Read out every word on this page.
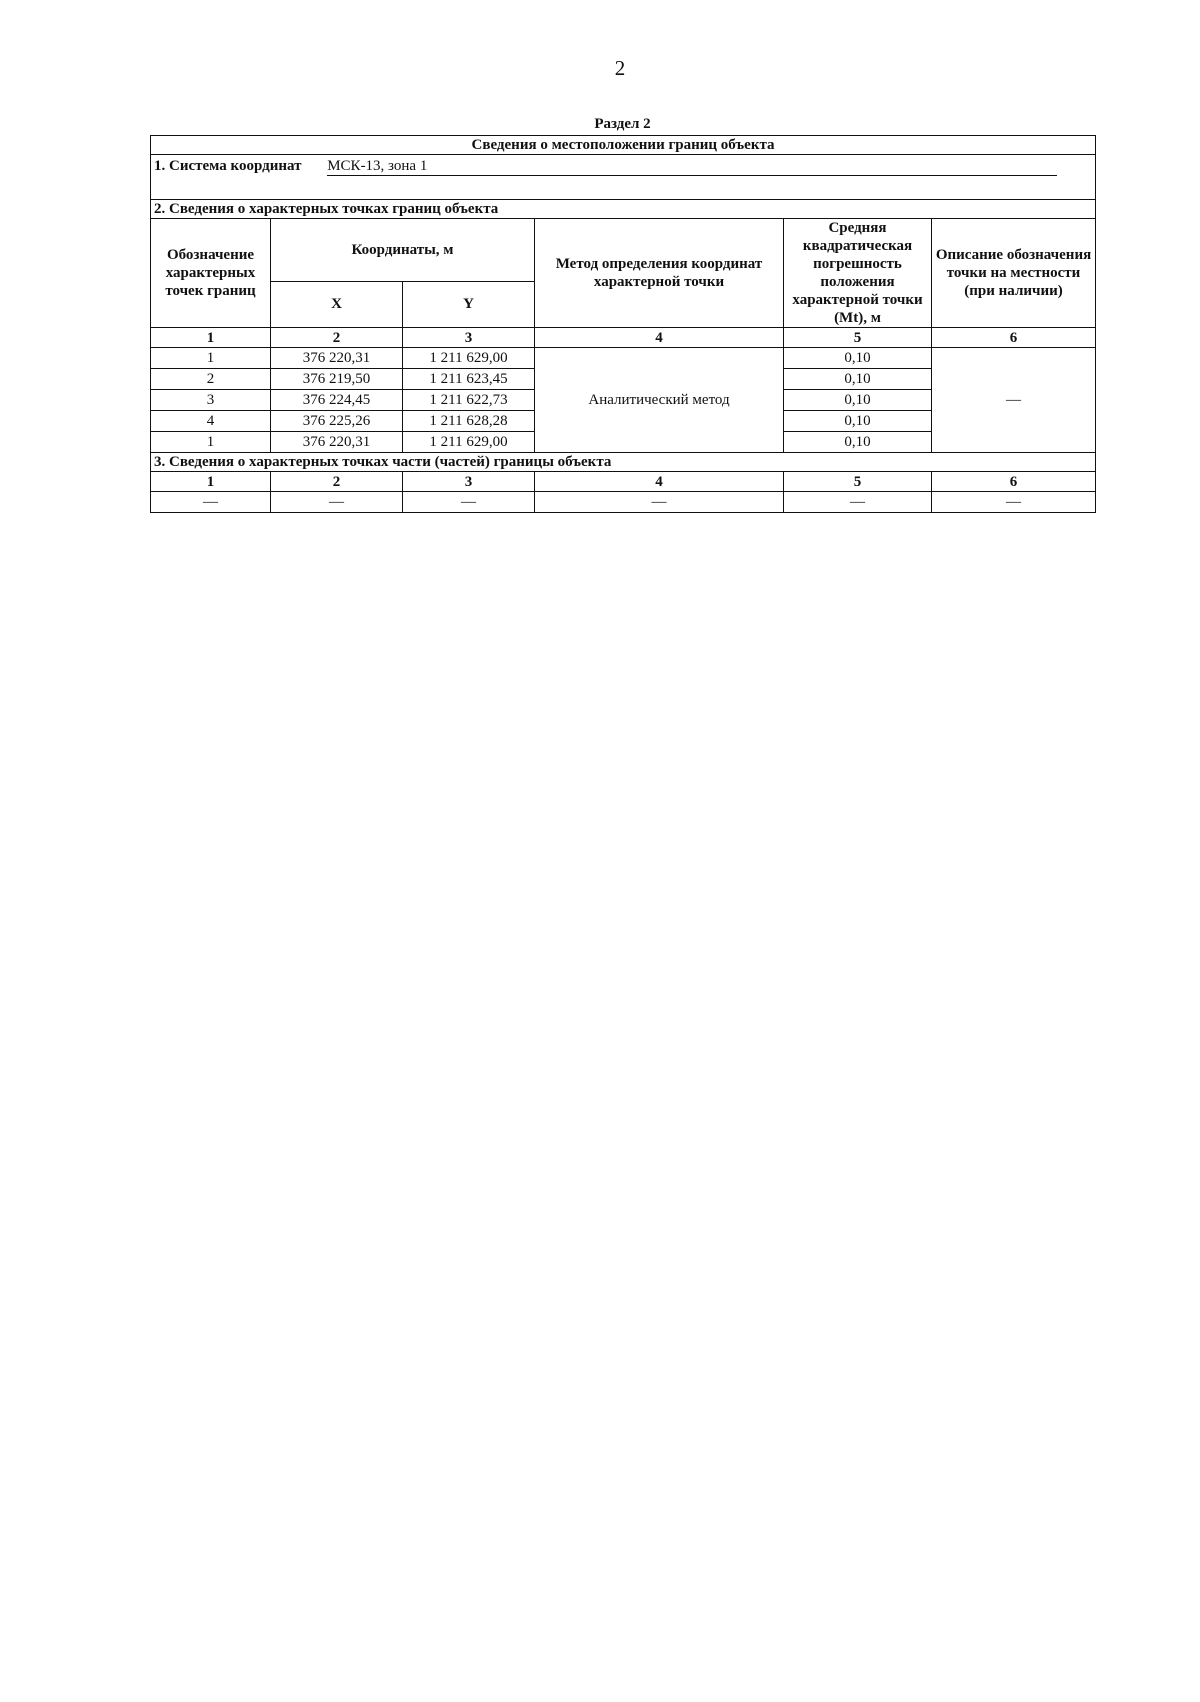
2
Раздел 2
Сведения о местоположении границ объекта					
1. Система координат МСК-13, зона 1					
2. Сведения о характерных точках границ объекта					
Обозначение характерных точек границ	Координаты, м		Метод определения координат характерной точки	Средняя квадратическая погрешность положения характерной точки (Mt), м	Описание обозначения точки на местности (при наличии)
	X	Y			
1	2	3	4	5	6
1	376 220,31	1 211 629,00	Аналитический метод	0,10	—
2	376 219,50	1 211 623,45		0,10	
3	376 224,45	1 211 622,73		0,10	
4	376 225,26	1 211 628,28		0,10	
1	376 220,31	1 211 629,00		0,10	
3. Сведения о характерных точках части (частей) границы объекта					
1	2	3	4	5	6
—	—	—	—	—	—
